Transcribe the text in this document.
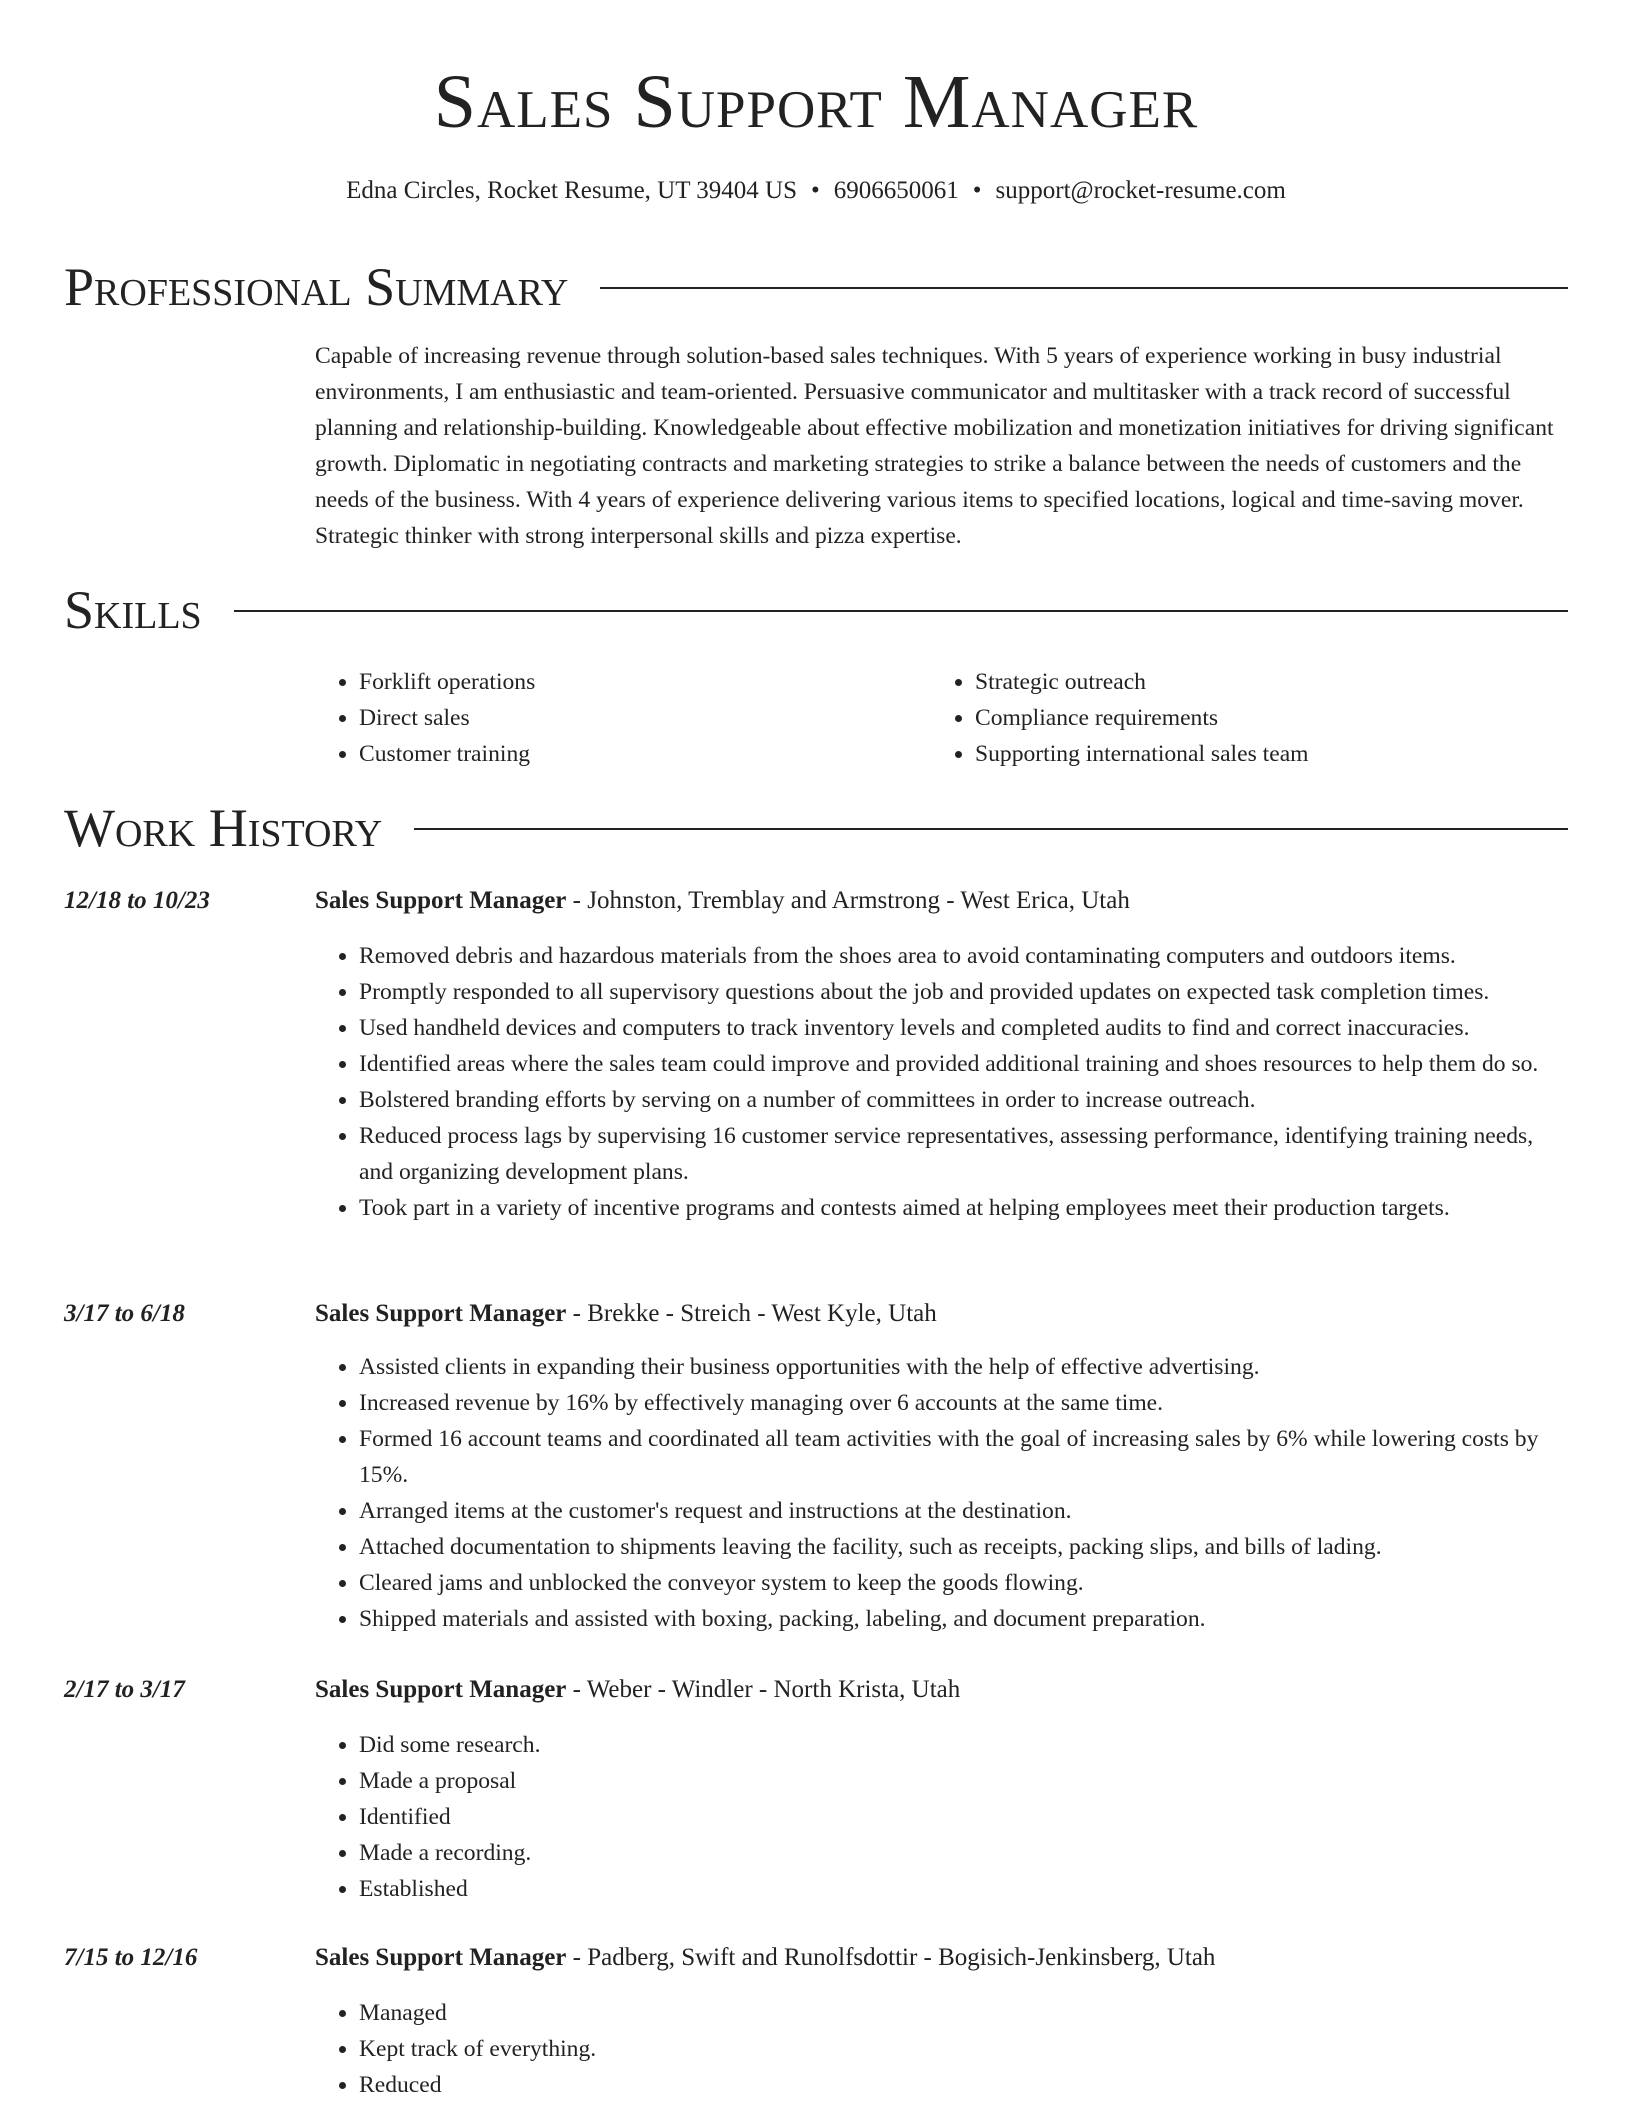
Sales Support Manager
Edna Circles, Rocket Resume, UT 39404 US • 6906650061 • support@rocket-resume.com
Professional Summary
Capable of increasing revenue through solution-based sales techniques. With 5 years of experience working in busy industrial environments, I am enthusiastic and team-oriented. Persuasive communicator and multitasker with a track record of successful planning and relationship-building. Knowledgeable about effective mobilization and monetization initiatives for driving significant growth. Diplomatic in negotiating contracts and marketing strategies to strike a balance between the needs of customers and the needs of the business. With 4 years of experience delivering various items to specified locations, logical and time-saving mover. Strategic thinker with strong interpersonal skills and pizza expertise.
Skills
• Forklift operations
• Direct sales
• Customer training
• Strategic outreach
• Compliance requirements
• Supporting international sales team
Work History
12/18 to 10/23	Sales Support Manager - Johnston, Tremblay and Armstrong - West Erica, Utah
• Removed debris and hazardous materials from the shoes area to avoid contaminating computers and outdoors items.
• Promptly responded to all supervisory questions about the job and provided updates on expected task completion times.
• Used handheld devices and computers to track inventory levels and completed audits to find and correct inaccuracies.
• Identified areas where the sales team could improve and provided additional training and shoes resources to help them do so.
• Bolstered branding efforts by serving on a number of committees in order to increase outreach.
• Reduced process lags by supervising 16 customer service representatives, assessing performance, identifying training needs, and organizing development plans.
• Took part in a variety of incentive programs and contests aimed at helping employees meet their production targets.
3/17 to 6/18	Sales Support Manager - Brekke - Streich - West Kyle, Utah
• Assisted clients in expanding their business opportunities with the help of effective advertising.
• Increased revenue by 16% by effectively managing over 6 accounts at the same time.
• Formed 16 account teams and coordinated all team activities with the goal of increasing sales by 6% while lowering costs by 15%.
• Arranged items at the customer's request and instructions at the destination.
• Attached documentation to shipments leaving the facility, such as receipts, packing slips, and bills of lading.
• Cleared jams and unblocked the conveyor system to keep the goods flowing.
• Shipped materials and assisted with boxing, packing, labeling, and document preparation.
2/17 to 3/17	Sales Support Manager - Weber - Windler - North Krista, Utah
• Did some research.
• Made a proposal
• Identified
• Made a recording.
• Established
7/15 to 12/16	Sales Support Manager - Padberg, Swift and Runolfsdottir - Bogisich-Jenkinsberg, Utah
• Managed
• Kept track of everything.
• Reduced
